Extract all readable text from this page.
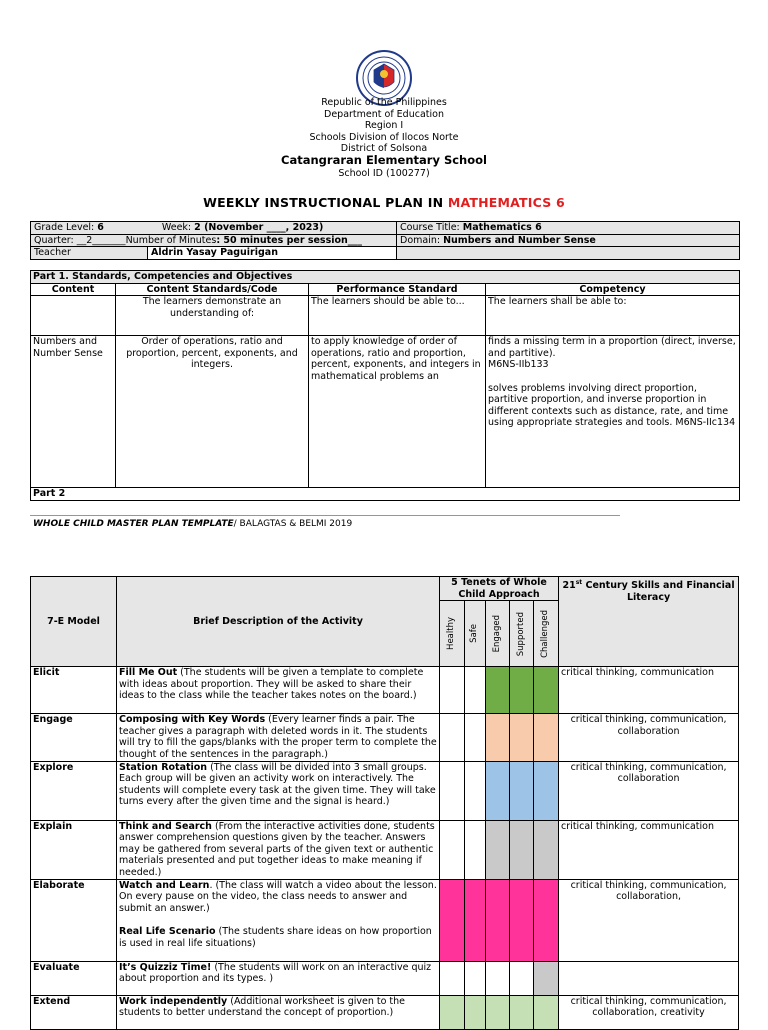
Republic of the Philippines
Department of Education
Region I
Schools Division of Ilocos Norte
District of Solsona
Catangraran Elementary School
School ID (100277)
WEEKLY INSTRUCTIONAL PLAN IN MATHEMATICS 6
Grade Level: 6 Week: 2 (November ____, 2023)	Course Title: Mathematics 6
Quarter: __2_______Number of Minutes: 50 minutes per session___	Domain: Numbers and Number Sense

Teacher Aldrin Yasay Paguirigan	

Part 1. Standards, Competencies and Objectives			
Content	Content Standards/Code	Performance Standard	Competency
	The learners demonstrate an understanding of:	The learners should be able to...	The learners shall be able to:
Numbers and Number Sense	Order of operations, ratio and proportion, percent, exponents, and integers.	to apply knowledge of order of operations, ratio and proportion, percent, exponents, and integers in mathematical problems an	finds a missing term in a proportion (direct, inverse, and partitive).
M6NS-IIb133
solves problems involving direct proportion, partitive proportion, and inverse proportion in different contexts such as distance, rate, and time using appropriate strategies and tools. M6NS-IIc134

Part 2			
WHOLE CHILD MASTER PLAN TEMPLATE/ BALAGTAS & BELMI 2019
7-E Model	Brief Description of the Activity	5 Tenets of Whole Child Approach					21st Century Skills and Financial Literacy

		Healthy	Safe	Engaged	Supported	Challenged	

Elicit	Fill Me Out (The students will be given a template to complete with ideas about proportion. They will be asked to share their ideas to the class while the teacher takes notes on the board.)						critical thinking, communication
Engage	Composing with Key Words (Every learner finds a pair. The teacher gives a paragraph with deleted words in it. The students will try to fill the gaps/blanks with the proper term to complete the thought of the sentences in the paragraph.)						critical thinking, communication, collaboration
Explore	Station Rotation (The class will be divided into 3 small groups. Each group will be given an activity work on interactively. The students will complete every task at the given time. They will take turns every after the given time and the signal is heard.)						critical thinking, communication, collaboration
Explain	Think and Search (From the interactive activities done, students answer comprehension questions given by the teacher. Answers may be gathered from several parts of the given text or authentic materials presented and put together ideas to make meaning if needed.)						critical thinking, communication
Elaborate	Watch and Learn. (The class will watch a video about the lesson. On every pause on the video, the class needs to answer and submit an answer.)
Real Life Scenario (The students share ideas on how proportion is used in real life situations)						critical thinking, communication, collaboration,
Evaluate	It’s Quizziz Time! (The students will work on an interactive quiz about proportion and its types. )						
Extend	Work independently (Additional worksheet is given to the students to better understand the concept of proportion.)						critical thinking, communication, collaboration, creativity
